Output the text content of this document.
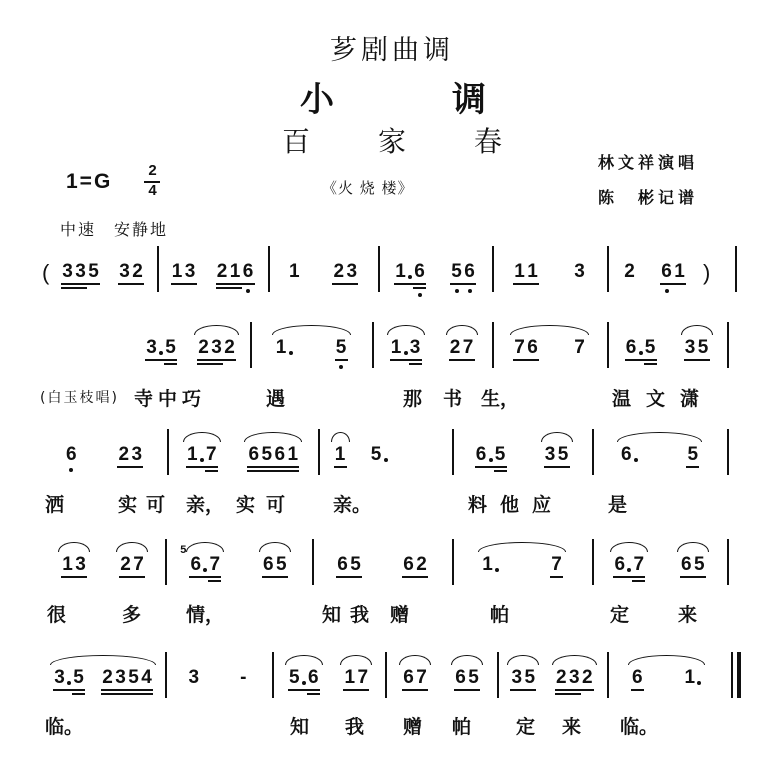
芗剧曲调
小　调
百　家　春
1=G 2
4	《火 烧 楼》
林文祥演唱
陈　彬记谱
中速　安静地
( 3 3 5 3 2 1 3 2 1 6 1 2 3 1 6 5 6 1 1 3 2 6 1 )
3 5 2 3 2 1	5 1 3 2 7 7 6 7 6 5 3 5
(白玉枝唱) 寺 中 巧	遇	那 书 生，	温 文 潇
6 2 3 1 7 6 5 6 1 1 5	6 5 3 5	6	5
洒	实 可 亲， 实 可	亲。	料 他 应	是
1 3 2 7 6
5
7 6 5	6 5 6 2	1	7	6 7 6 5
很	多 情，	知 我 赠	帕	定	来
3 5 2 3 5 4 3 - 5 6 1 7 6 7 6 5 3 5 2 3 2 6 1
临。	知 我 赠 帕 定 来 临。
